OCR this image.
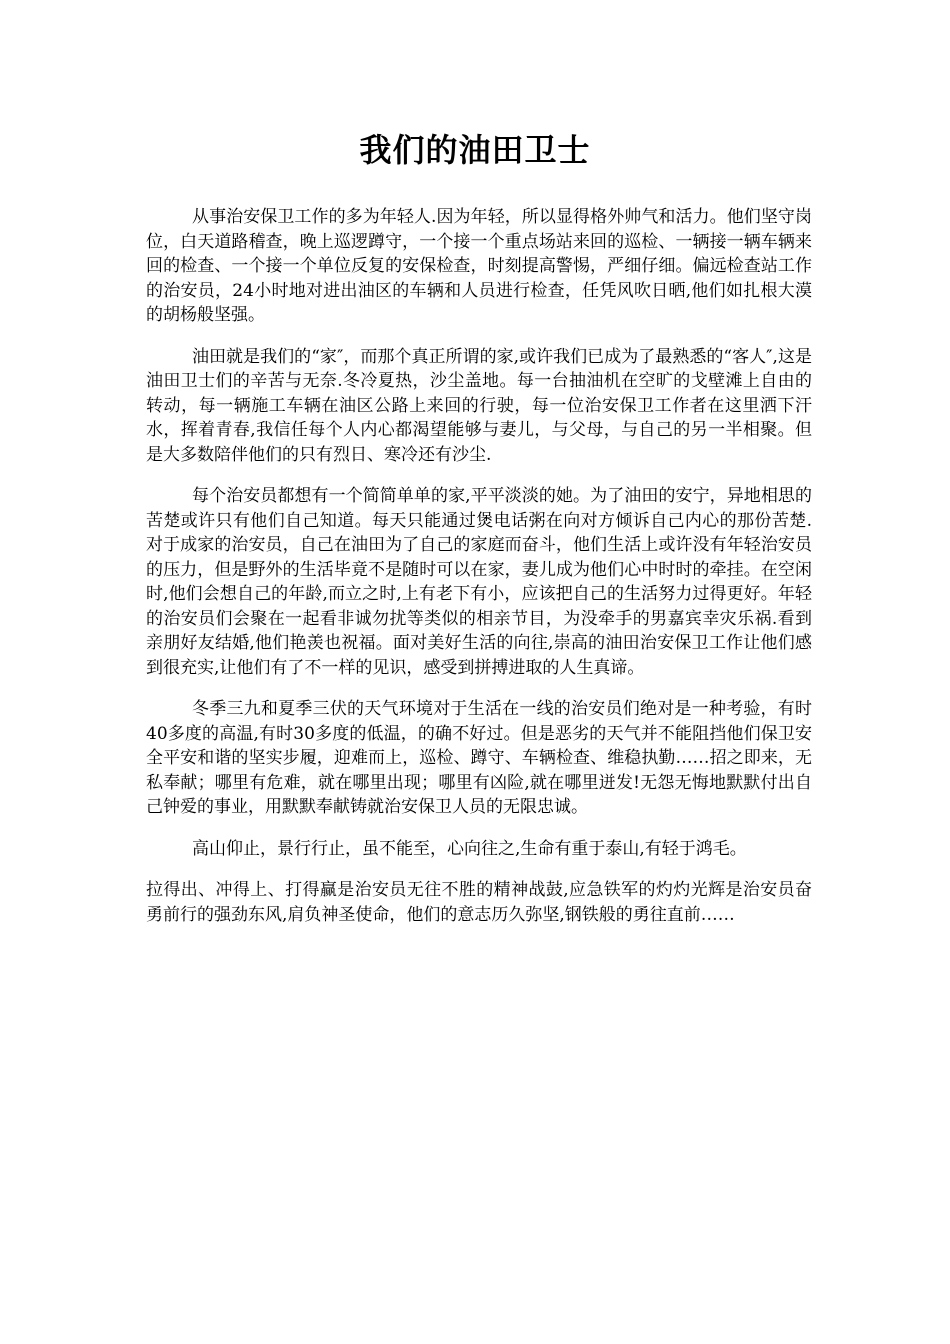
我们的油田卫士

从事治安保卫工作的多为年轻人.因为年轻，所以显得格外帅气和活力。他们坚守岗位，白天道路稽查，晚上巡逻蹲守，一个接一个重点场站来回的巡检、一辆接一辆车辆来回的检查、一个接一个单位反复的安保检查，时刻提高警惕，严细仔细。偏远检查站工作的治安员，24小时地对进出油区的车辆和人员进行检查，任凭风吹日晒,他们如扎根大漠的胡杨般坚强。

油田就是我们的“家″，而那个真正所谓的家,或许我们已成为了最熟悉的“客人″,这是油田卫士们的辛苦与无奈.冬冷夏热，沙尘盖地。每一台抽油机在空旷的戈壁滩上自由的转动，每一辆施工车辆在油区公路上来回的行驶，每一位治安保卫工作者在这里洒下汗水，挥着青春,我信任每个人内心都渴望能够与妻儿，与父母，与自己的另一半相聚。但是大多数陪伴他们的只有烈日、寒冷还有沙尘.

每个治安员都想有一个简简单单的家,平平淡淡的她。为了油田的安宁，异地相思的苦楚或许只有他们自己知道。每天只能通过煲电话粥在向对方倾诉自己内心的那份苦楚.对于成家的治安员，自己在油田为了自己的家庭而奋斗，他们生活上或许没有年轻治安员的压力，但是野外的生活毕竟不是随时可以在家，妻儿成为他们心中时时的牵挂。在空闲时,他们会想自己的年龄,而立之时,上有老下有小，应该把自己的生活努力过得更好。年轻的治安员们会聚在一起看非诚勿扰等类似的相亲节目，为没牵手的男嘉宾幸灾乐祸.看到亲朋好友结婚,他们艳羡也祝福。面对美好生活的向往,崇高的油田治安保卫工作让他们感到很充实,让他们有了不一样的见识，感受到拼搏进取的人生真谛。

冬季三九和夏季三伏的天气环境对于生活在一线的治安员们绝对是一种考验，有时40多度的高温,有时30多度的低温，的确不好过。但是恶劣的天气并不能阻挡他们保卫安全平安和谐的坚实步履，迎难而上，巡检、蹲守、车辆检查、维稳执勤……招之即来，无私奉献；哪里有危难，就在哪里出现；哪里有凶险,就在哪里迸发!无怨无悔地默默付出自己钟爱的事业，用默默奉献铸就治安保卫人员的无限忠诚。

高山仰止，景行行止，虽不能至，心向往之,生命有重于泰山,有轻于鸿毛。

拉得出、冲得上、打得赢是治安员无往不胜的精神战鼓,应急铁军的灼灼光辉是治安员奋勇前行的强劲东风,肩负神圣使命，他们的意志历久弥坚,钢铁般的勇往直前……
